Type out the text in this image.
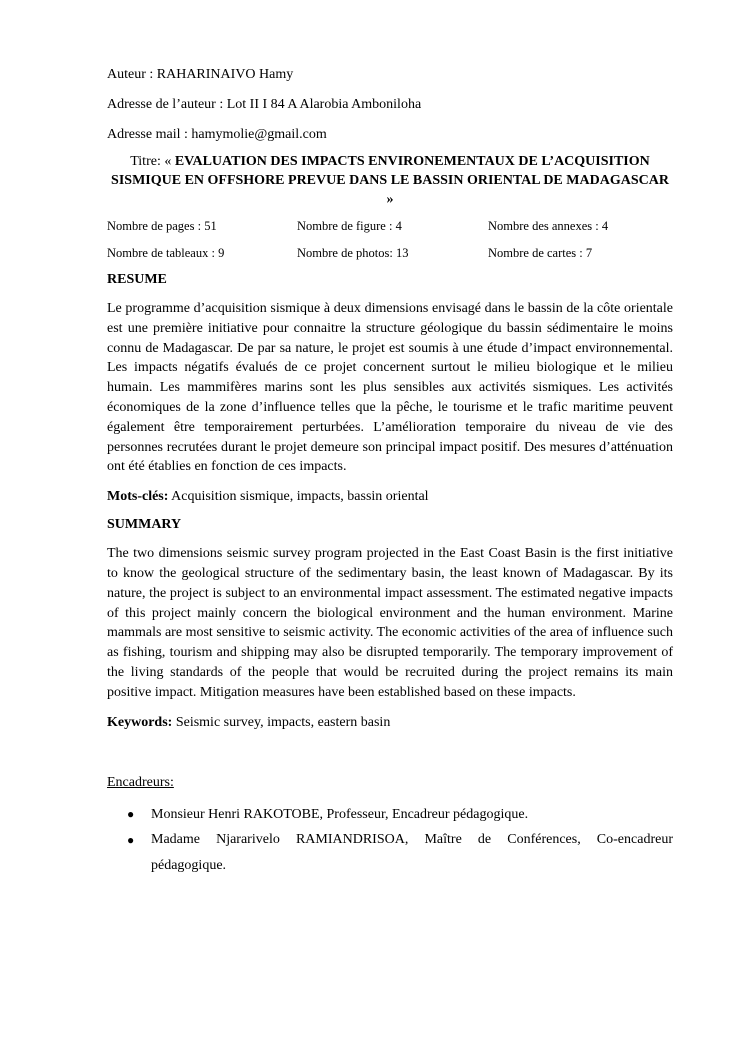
Auteur : RAHARINAIVO Hamy

Adresse de l’auteur : Lot II I 84 A Alarobia Amboniloha

Adresse mail : hamymolie@gmail.com

Titre: « EVALUATION DES IMPACTS ENVIRONEMENTAUX DE L’ACQUISITION SISMIQUE EN OFFSHORE PREVUE DANS LE BASSIN ORIENTAL DE MADAGASCAR »

Nombre de pages : 51	Nombre de figure : 4	Nombre des annexes : 4
Nombre de tableaux : 9	Nombre de photos: 13	Nombre de cartes : 7

RESUME

Le programme d’acquisition sismique à deux dimensions envisagé dans le bassin de la côte orientale est une première initiative pour connaitre la structure géologique du bassin sédimentaire le moins connu de Madagascar. De par sa nature, le projet est soumis à une étude d’impact environnemental. Les impacts négatifs évalués de ce projet concernent surtout le milieu biologique et le milieu humain. Les mammifères marins sont les plus sensibles aux activités sismiques. Les activités économiques de la zone d’influence telles que la pêche, le tourisme et le trafic maritime peuvent également être temporairement perturbées. L’amélioration temporaire du niveau de vie des personnes recrutées durant le projet demeure son principal impact positif. Des mesures d’atténuation ont été établies en fonction de ces impacts.

Mots-clés: Acquisition sismique, impacts, bassin oriental

SUMMARY

The two dimensions seismic survey program projected in the East Coast Basin is the first initiative to know the geological structure of the sedimentary basin, the least known of Madagascar. By its nature, the project is subject to an environmental impact assessment. The estimated negative impacts of this project mainly concern the biological environment and the human environment. Marine mammals are most sensitive to seismic activity. The economic activities of the area of influence such as fishing, tourism and shipping may also be disrupted temporarily. The temporary improvement of the living standards of the people that would be recruited during the project remains its main positive impact. Mitigation measures have been established based on these impacts.

Keywords: Seismic survey, impacts, eastern basin

Encadreurs:

● Monsieur Henri RAKOTOBE, Professeur, Encadreur pédagogique.
● Madame Njararivelo RAMIANDRISOA, Maître de Conférences, Co-encadreur pédagogique.
